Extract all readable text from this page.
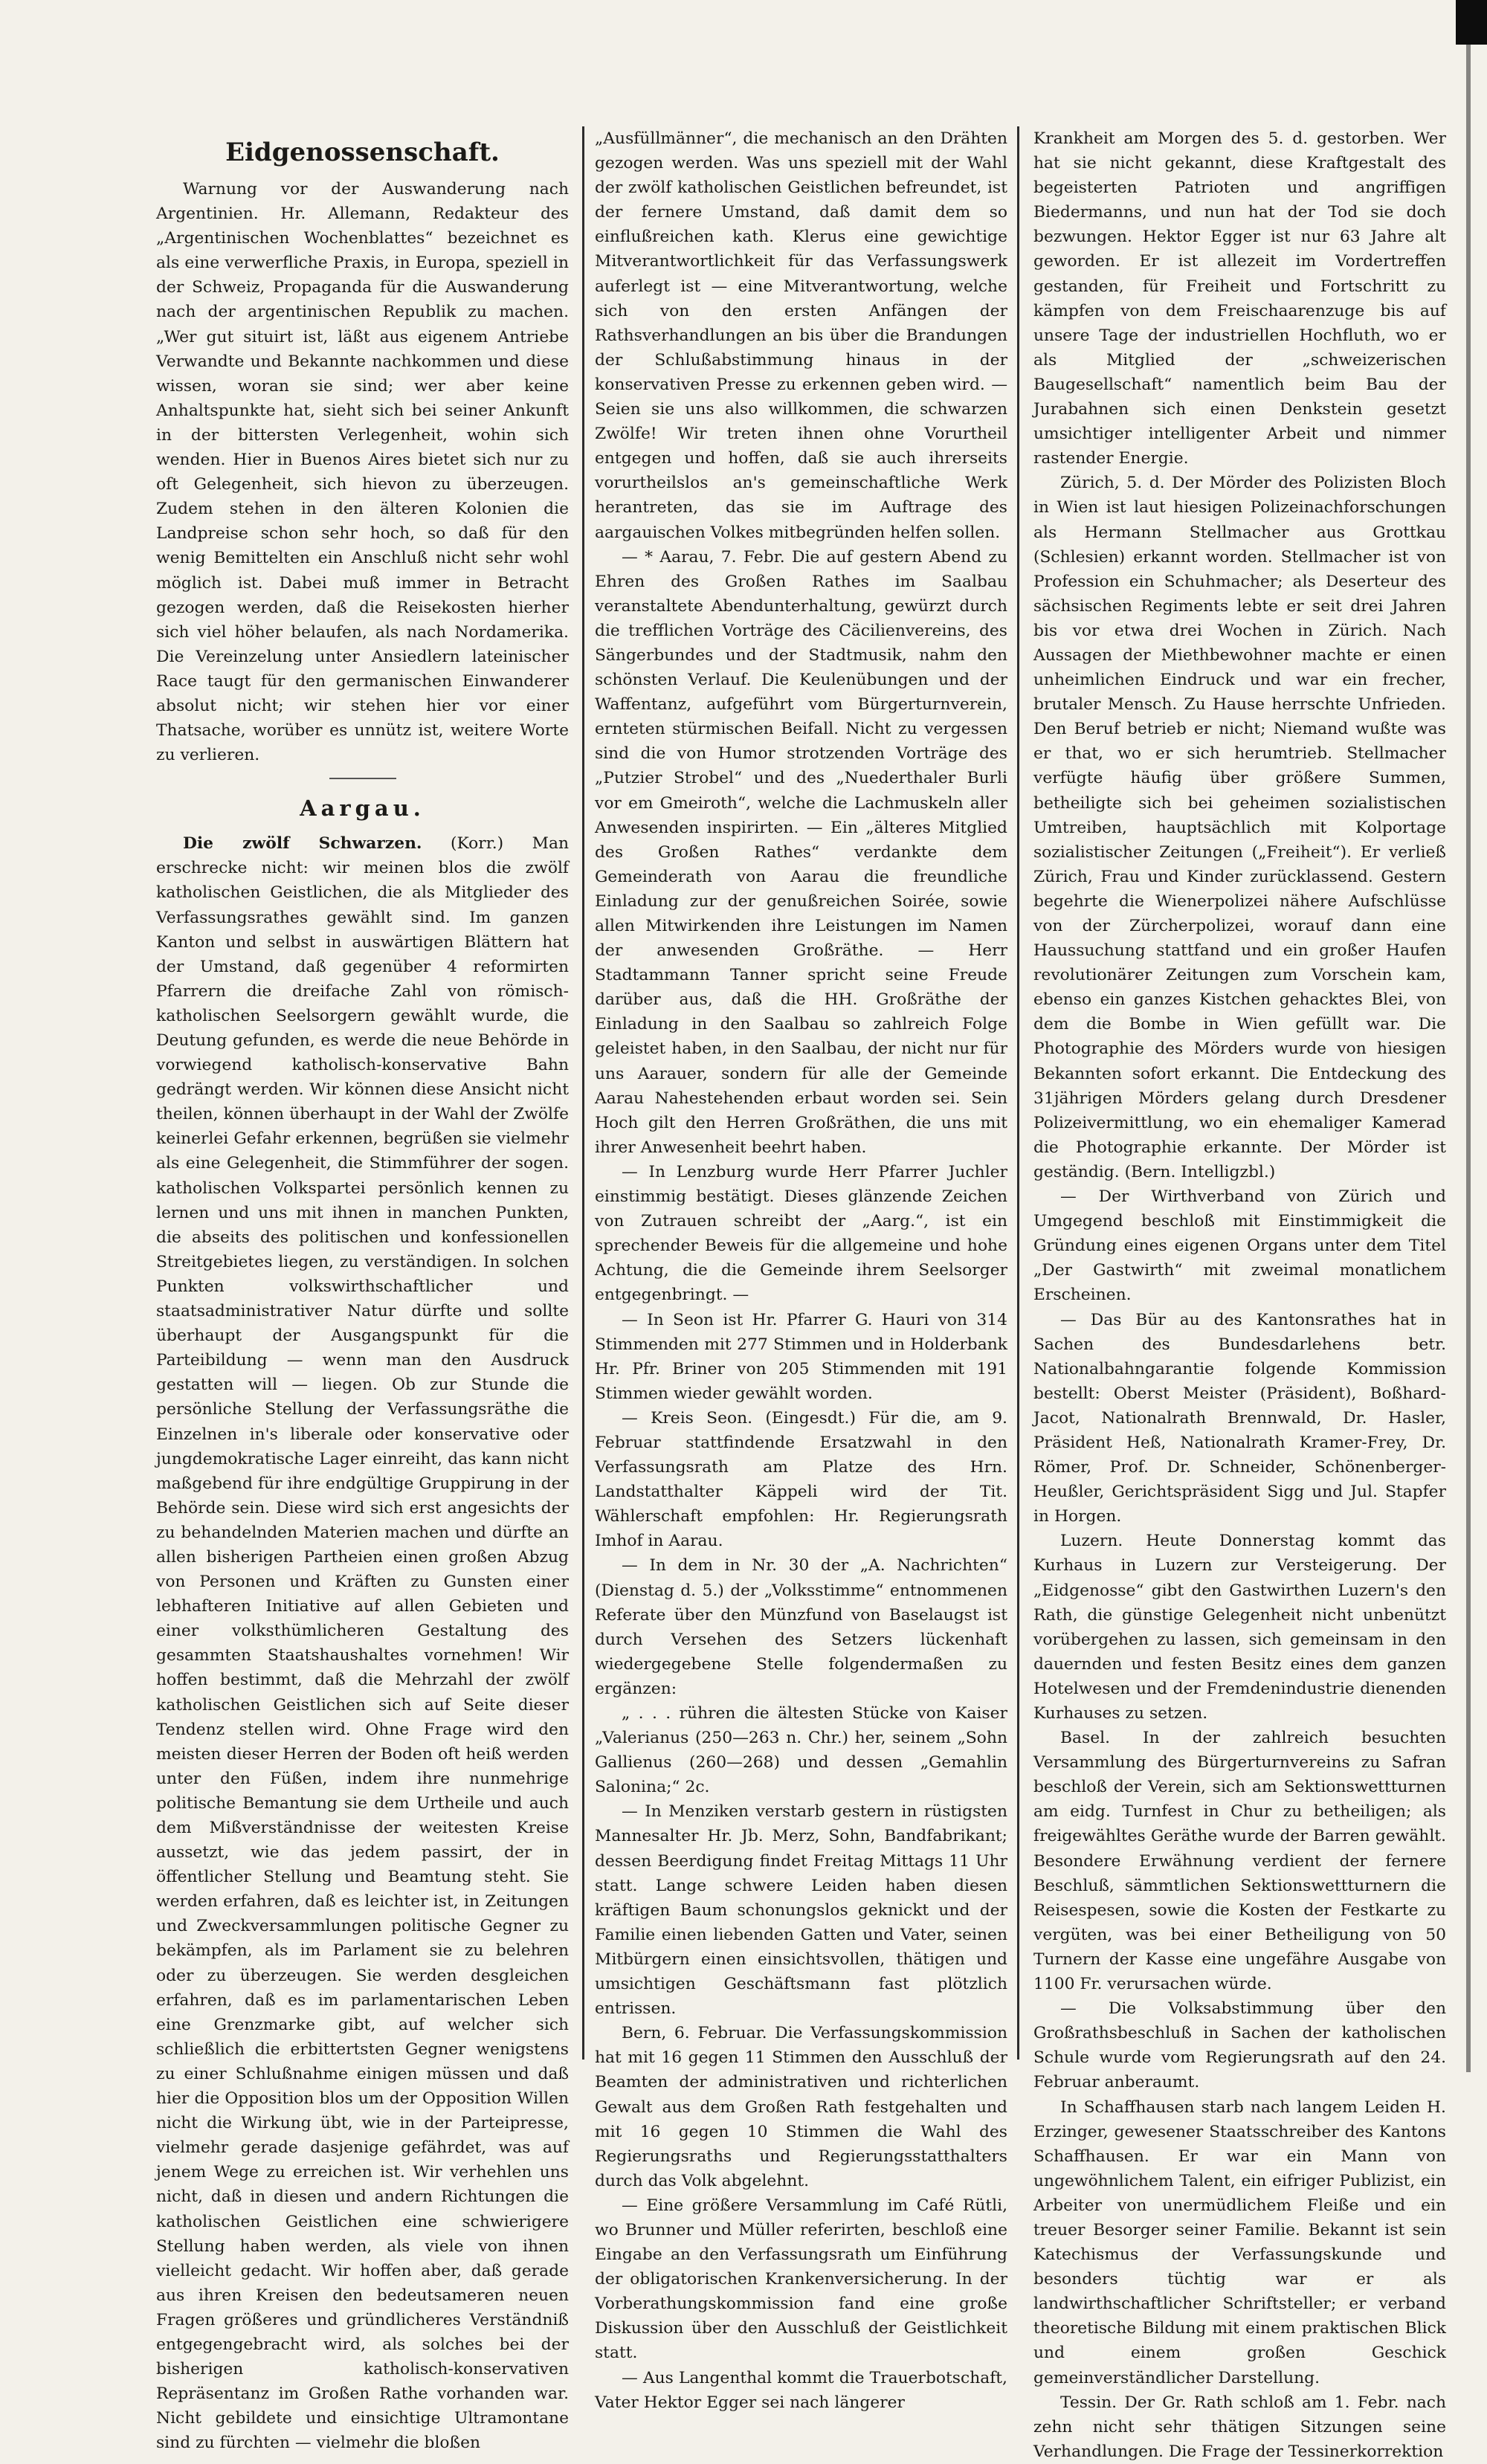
Eidgenossenschaft.

Warnung vor der Auswanderung nach Argentinien. Hr. Allemann, Redakteur des „Argentinischen Wochenblattes“ bezeichnet es als eine verwerfliche Praxis, in Europa, speziell in der Schweiz, Propaganda für die Auswanderung nach der argentinischen Republik zu machen. „Wer gut situirt ist, läßt aus eigenem Antriebe Verwandte und Bekannte nachkommen und diese wissen, woran sie sind; wer aber keine Anhaltspunkte hat, sieht sich bei seiner Ankunft in der bittersten Verlegenheit, wohin sich wenden. Hier in Buenos Aires bietet sich nur zu oft Gelegenheit, sich hievon zu überzeugen. Zudem stehen in den älteren Kolonien die Landpreise schon sehr hoch, so daß für den wenig Bemittelten ein Anschluß nicht sehr wohl möglich ist. Dabei muß immer in Betracht gezogen werden, daß die Reisekosten hierher sich viel höher belaufen, als nach Nordamerika. Die Vereinzelung unter Ansiedlern lateinischer Race taugt für den germanischen Einwanderer absolut nicht; wir stehen hier vor einer Thatsache, worüber es unnütz ist, weitere Worte zu verlieren.

Aargau.

Die zwölf Schwarzen. (Korr.) Man erschrecke nicht: wir meinen blos die zwölf katholischen Geistlichen, die als Mitglieder des Verfassungsrathes gewählt sind. Im ganzen Kanton und selbst in auswärtigen Blättern hat der Umstand, daß gegenüber 4 reformirten Pfarrern die dreifache Zahl von römisch-katholischen Seelsorgern gewählt wurde, die Deutung gefunden, es werde die neue Behörde in vorwiegend katholisch-konservative Bahn gedrängt werden. Wir können diese Ansicht nicht theilen, können überhaupt in der Wahl der Zwölfe keinerlei Gefahr erkennen, begrüßen sie vielmehr als eine Gelegenheit, die Stimmführer der sogen. katholischen Volkspartei persönlich kennen zu lernen und uns mit ihnen in manchen Punkten, die abseits des politischen und konfessionellen Streitgebietes liegen, zu verständigen. In solchen Punkten volkswirthschaftlicher und staatsadministrativer Natur dürfte und sollte überhaupt der Ausgangspunkt für die Parteibildung — wenn man den Ausdruck gestatten will — liegen. Ob zur Stunde die persönliche Stellung der Verfassungsräthe die Einzelnen in's liberale oder konservative oder jungdemokratische Lager einreiht, das kann nicht maßgebend für ihre endgültige Gruppirung in der Behörde sein. Diese wird sich erst angesichts der zu behandelnden Materien machen und dürfte an allen bisherigen Partheien einen großen Abzug von Personen und Kräften zu Gunsten einer lebhafteren Initiative auf allen Gebieten und einer volksthümlicheren Gestaltung des gesammten Staatshaushaltes vornehmen! Wir hoffen bestimmt, daß die Mehrzahl der zwölf katholischen Geistlichen sich auf Seite dieser Tendenz stellen wird. Ohne Frage wird den meisten dieser Herren der Boden oft heiß werden unter den Füßen, indem ihre nunmehrige politische Bemantung sie dem Urtheile und auch dem Mißverständnisse der weitesten Kreise aussetzt, wie das jedem passirt, der in öffentlicher Stellung und Beamtung steht. Sie werden erfahren, daß es leichter ist, in Zeitungen und Zweckversammlungen politische Gegner zu bekämpfen, als im Parlament sie zu belehren oder zu überzeugen. Sie werden desgleichen erfahren, daß es im parlamentarischen Leben eine Grenzmarke gibt, auf welcher sich schließlich die erbittertsten Gegner wenigstens zu einer Schlußnahme einigen müssen und daß hier die Opposition blos um der Opposition Willen nicht die Wirkung übt, wie in der Parteipresse, vielmehr gerade dasjenige gefährdet, was auf jenem Wege zu erreichen ist. Wir verhehlen uns nicht, daß in diesen und andern Richtungen die katholischen Geistlichen eine schwierigere Stellung haben werden, als viele von ihnen vielleicht gedacht. Wir hoffen aber, daß gerade aus ihren Kreisen den bedeutsameren neuen Fragen größeres und gründlicheres Verständniß entgegengebracht wird, als solches bei der bisherigen katholisch-konservativen Repräsentanz im Großen Rathe vorhanden war. Nicht gebildete und einsichtige Ultramontane sind zu fürchten — vielmehr die bloßen

„Ausfüllmänner“, die mechanisch an den Drähten gezogen werden. Was uns speziell mit der Wahl der zwölf katholischen Geistlichen befreundet, ist der fernere Umstand, daß damit dem so einflußreichen kath. Klerus eine gewichtige Mitverantwortlichkeit für das Verfassungswerk auferlegt ist — eine Mitverantwortung, welche sich von den ersten Anfängen der Rathsverhandlungen an bis über die Brandungen der Schlußabstimmung hinaus in der konservativen Presse zu erkennen geben wird. — Seien sie uns also willkommen, die schwarzen Zwölfe! Wir treten ihnen ohne Vorurtheil entgegen und hoffen, daß sie auch ihrerseits vorurtheilslos an's gemeinschaftliche Werk herantreten, das sie im Auftrage des aargauischen Volkes mitbegründen helfen sollen.

— * Aarau, 7. Febr. Die auf gestern Abend zu Ehren des Großen Rathes im Saalbau veranstaltete Abendunterhaltung, gewürzt durch die trefflichen Vorträge des Cäcilienvereins, des Sängerbundes und der Stadtmusik, nahm den schönsten Verlauf. Die Keulenübungen und der Waffentanz, aufgeführt vom Bürgerturnverein, ernteten stürmischen Beifall. Nicht zu vergessen sind die von Humor strotzenden Vorträge des „Putzier Strobel“ und des „Nuederthaler Burli vor em Gmeiroth“, welche die Lachmuskeln aller Anwesenden inspirirten. — Ein „älteres Mitglied des Großen Rathes“ verdankte dem Gemeinderath von Aarau die freundliche Einladung zur der genußreichen Soirée, sowie allen Mitwirkenden ihre Leistungen im Namen der anwesenden Großräthe. — Herr Stadtammann Tanner spricht seine Freude darüber aus, daß die HH. Großräthe der Einladung in den Saalbau so zahlreich Folge geleistet haben, in den Saalbau, der nicht nur für uns Aarauer, sondern für alle der Gemeinde Aarau Nahestehenden erbaut worden sei. Sein Hoch gilt den Herren Großräthen, die uns mit ihrer Anwesenheit beehrt haben.

— In Lenzburg wurde Herr Pfarrer Juchler einstimmig bestätigt. Dieses glänzende Zeichen von Zutrauen schreibt der „Aarg.“, ist ein sprechender Beweis für die allgemeine und hohe Achtung, die die Gemeinde ihrem Seelsorger entgegenbringt. —

— In Seon ist Hr. Pfarrer G. Hauri von 314 Stimmenden mit 277 Stimmen und in Holderbank Hr. Pfr. Briner von 205 Stimmenden mit 191 Stimmen wieder gewählt worden.

— Kreis Seon. (Eingesdt.) Für die, am 9. Februar stattfindende Ersatzwahl in den Verfassungsrath am Platze des Hrn. Landstatthalter Käppeli wird der Tit. Wählerschaft empfohlen: Hr. Regierungsrath Imhof in Aarau.

— In dem in Nr. 30 der „A. Nachrichten“ (Dienstag d. 5.) der „Volksstimme“ entnommenen Referate über den Münzfund von Baselaugst ist durch Versehen des Setzers lückenhaft wiedergegebene Stelle folgendermaßen zu ergänzen:

„ . . . rühren die ältesten Stücke von Kaiser „Valerianus (250—263 n. Chr.) her, seinem „Sohn Gallienus (260—268) und dessen „Gemahlin Salonina;“ 2c.

— In Menziken verstarb gestern in rüstigsten Mannesalter Hr. Jb. Merz, Sohn, Bandfabrikant; dessen Beerdigung findet Freitag Mittags 11 Uhr statt. Lange schwere Leiden haben diesen kräftigen Baum schonungslos geknickt und der Familie einen liebenden Gatten und Vater, seinen Mitbürgern einen einsichtsvollen, thätigen und umsichtigen Geschäftsmann fast plötzlich entrissen.

Bern, 6. Februar. Die Verfassungskommission hat mit 16 gegen 11 Stimmen den Ausschluß der Beamten der administrativen und richterlichen Gewalt aus dem Großen Rath festgehalten und mit 16 gegen 10 Stimmen die Wahl des Regierungsraths und Regierungsstatthalters durch das Volk abgelehnt.

— Eine größere Versammlung im Café Rütli, wo Brunner und Müller referirten, beschloß eine Eingabe an den Verfassungsrath um Einführung der obligatorischen Krankenversicherung. In der Vorberathungskommission fand eine große Diskussion über den Ausschluß der Geistlichkeit statt.

— Aus Langenthal kommt die Trauerbotschaft, Vater Hektor Egger sei nach längerer

Krankheit am Morgen des 5. d. gestorben. Wer hat sie nicht gekannt, diese Kraftgestalt des begeisterten Patrioten und angriffigen Biedermanns, und nun hat der Tod sie doch bezwungen. Hektor Egger ist nur 63 Jahre alt geworden. Er ist allezeit im Vordertreffen gestanden, für Freiheit und Fortschritt zu kämpfen von dem Freischaarenzuge bis auf unsere Tage der industriellen Hochfluth, wo er als Mitglied der „schweizerischen Baugesellschaft“ namentlich beim Bau der Jurabahnen sich einen Denkstein gesetzt umsichtiger intelligenter Arbeit und nimmer rastender Energie.

Zürich, 5. d. Der Mörder des Polizisten Bloch in Wien ist laut hiesigen Polizeinachforschungen als Hermann Stellmacher aus Grottkau (Schlesien) erkannt worden. Stellmacher ist von Profession ein Schuhmacher; als Deserteur des sächsischen Regiments lebte er seit drei Jahren bis vor etwa drei Wochen in Zürich. Nach Aussagen der Miethbewohner machte er einen unheimlichen Eindruck und war ein frecher, brutaler Mensch. Zu Hause herrschte Unfrieden. Den Beruf betrieb er nicht; Niemand wußte was er that, wo er sich herumtrieb. Stellmacher verfügte häufig über größere Summen, betheiligte sich bei geheimen sozialistischen Umtreiben, hauptsächlich mit Kolportage sozialistischer Zeitungen („Freiheit“). Er verließ Zürich, Frau und Kinder zurücklassend. Gestern begehrte die Wienerpolizei nähere Aufschlüsse von der Zürcherpolizei, worauf dann eine Haussuchung stattfand und ein großer Haufen revolutionärer Zeitungen zum Vorschein kam, ebenso ein ganzes Kistchen gehacktes Blei, von dem die Bombe in Wien gefüllt war. Die Photographie des Mörders wurde von hiesigen Bekannten sofort erkannt. Die Entdeckung des 31jährigen Mörders gelang durch Dresdener Polizeivermittlung, wo ein ehemaliger Kamerad die Photographie erkannte. Der Mörder ist geständig. (Bern. Intelligzbl.)

— Der Wirthverband von Zürich und Umgegend beschloß mit Einstimmigkeit die Gründung eines eigenen Organs unter dem Titel „Der Gastwirth“ mit zweimal monatlichem Erscheinen.

— Das Bür au des Kantonsrathes hat in Sachen des Bundesdarlehens betr. Nationalbahngarantie folgende Kommission bestellt: Oberst Meister (Präsident), Boßhard-Jacot, Nationalrath Brennwald, Dr. Hasler, Präsident Heß, Nationalrath Kramer-Frey, Dr. Römer, Prof. Dr. Schneider, Schönenberger-Heußler, Gerichtspräsident Sigg und Jul. Stapfer in Horgen.

Luzern. Heute Donnerstag kommt das Kurhaus in Luzern zur Versteigerung. Der „Eidgenosse“ gibt den Gastwirthen Luzern's den Rath, die günstige Gelegenheit nicht unbenützt vorübergehen zu lassen, sich gemeinsam in den dauernden und festen Besitz eines dem ganzen Hotelwesen und der Fremdenindustrie dienenden Kurhauses zu setzen.

Basel. In der zahlreich besuchten Versammlung des Bürgerturnvereins zu Safran beschloß der Verein, sich am Sektionswettturnen am eidg. Turnfest in Chur zu betheiligen; als freigewähltes Geräthe wurde der Barren gewählt. Besondere Erwähnung verdient der fernere Beschluß, sämmtlichen Sektionswettturnern die Reisespesen, sowie die Kosten der Festkarte zu vergüten, was bei einer Betheiligung von 50 Turnern der Kasse eine ungefähre Ausgabe von 1100 Fr. verursachen würde.

— Die Volksabstimmung über den Großrathsbeschluß in Sachen der katholischen Schule wurde vom Regierungsrath auf den 24. Februar anberaumt.

In Schaffhausen starb nach langem Leiden H. Erzinger, gewesener Staatsschreiber des Kantons Schaffhausen. Er war ein Mann von ungewöhnlichem Talent, ein eifriger Publizist, ein Arbeiter von unermüdlichem Fleiße und ein treuer Besorger seiner Familie. Bekannt ist sein Katechismus der Verfassungskunde und besonders tüchtig war er als landwirthschaftlicher Schriftsteller; er verband theoretische Bildung mit einem praktischen Blick und einem großen Geschick gemeinverständlicher Darstellung.

Tessin. Der Gr. Rath schloß am 1. Febr. nach zehn nicht sehr thätigen Sitzungen seine Verhandlungen. Die Frage der Tessinerkorrektion
